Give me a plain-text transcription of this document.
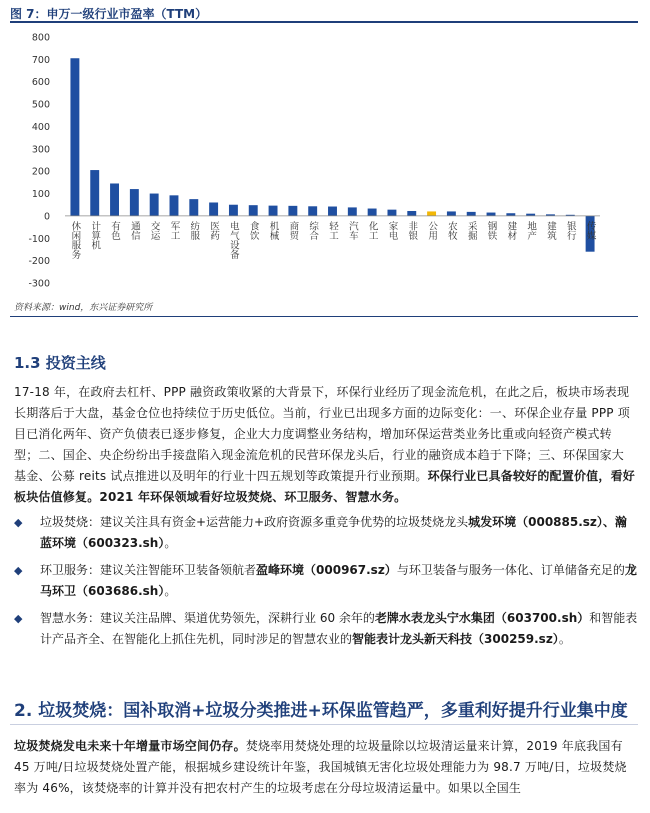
图 7：申万一级行业市盈率（TTM）
800
700
600
500
400
300
200
100
0
-100
-200
-300
休闲服务 计算机 有色 通信 交运 军工 纺服 医药 电气设备 食饮 机械 商贸 综合 轻工 汽车 化工 家电 非银 公用 农牧 采掘 钢铁 建材 地产 建筑 银行 传媒
资料来源：wind，东兴证券研究所
1.3 投资主线
17-18 年，在政府去杠杆、PPP 融资政策收紧的大背景下，环保行业经历了现金流危机，在此之后，板块市场表现长期落后于大盘，基金仓位也持续位于历史低位。当前，行业已出现多方面的边际变化：一、环保企业存量 PPP 项目已消化两年、资产负债表已逐步修复，企业大力度调整业务结构，增加环保运营类业务比重或向轻资产模式转型；二、国企、央企纷纷出手接盘陷入现金流危机的民营环保龙头后，行业的融资成本趋于下降；三、环保国家大基金、公募 reits 试点推进以及明年的行业十四五规划等政策提升行业预期。环保行业已具备较好的配置价值，看好板块估值修复。2021 年环保领域看好垃圾焚烧、环卫服务、智慧水务。
◆ 垃圾焚烧：建议关注具有资金+运营能力+政府资源多重竞争优势的垃圾焚烧龙头城发环境（000885.sz）、瀚蓝环境（600323.sh）。
◆ 环卫服务：建议关注智能环卫装备领航者盈峰环境（000967.sz）与环卫装备与服务一体化、订单储备充足的龙马环卫（603686.sh）。
◆ 智慧水务：建议关注品牌、渠道优势领先，深耕行业 60 余年的老牌水表龙头宁水集团（603700.sh）和智能表计产品齐全、在智能化上抓住先机，同时涉足的智慧农业的智能表计龙头新天科技（300259.sz）。
2. 垃圾焚烧：国补取消+垃圾分类推进+环保监管趋严，多重利好提升行业集中度
垃圾焚烧发电未来十年增量市场空间仍存。焚烧率用焚烧处理的垃圾量除以垃圾清运量来计算，2019 年底我国有 45 万吨/日垃圾焚烧处置产能，根据城乡建设统计年鉴，我国城镇无害化垃圾处理能力为 98.7 万吨/日，垃圾焚烧率为 46%，该焚烧率的计算并没有把农村产生的垃圾考虑在分母垃圾清运量中。如果以全国生
